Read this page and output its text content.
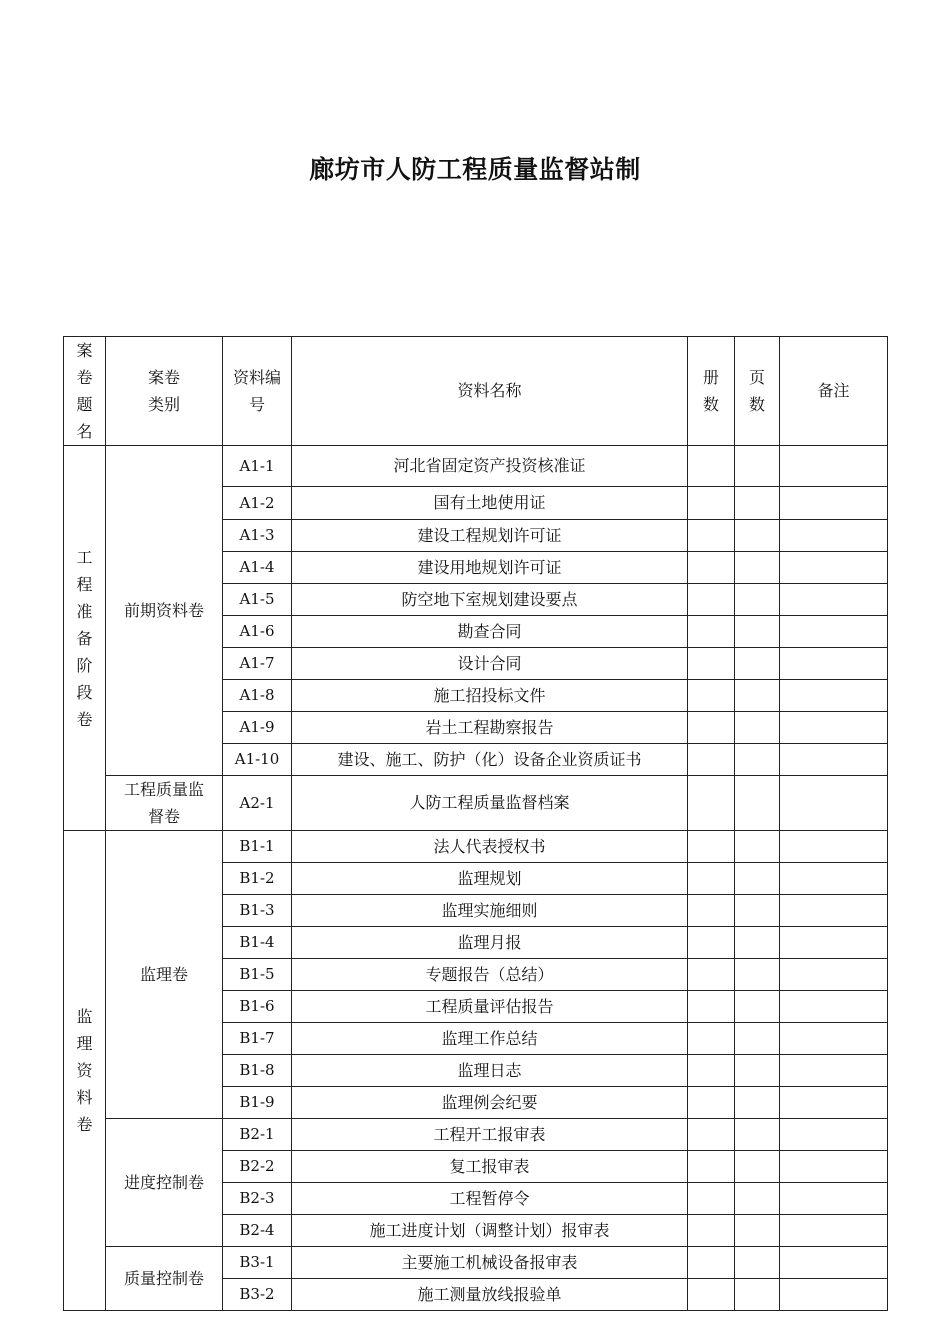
廊坊市人防工程质量监督站制
案卷题名	案卷类别	资料编号	资料名称	册数	页数	备注

工程准备阶段卷	前期资料卷	A1-1	河北省固定资产投资核准证			
		A1-2	国有土地使用证			
		A1-3	建设工程规划许可证			
		A1-4	建设用地规划许可证			
		A1-5	防空地下室规划建设要点			
		A1-6	勘查合同			
		A1-7	设计合同			
		A1-8	施工招投标文件			
		A1-9	岩土工程勘察报告			
		A1-10	建设、施工、防护（化）设备企业资质证书			

	工程质量监督卷	A2-1	人防工程质量监督档案			

监理资料卷	监理卷	B1-1	法人代表授权书			
		B1-2	监理规划			
		B1-3	监理实施细则			
		B1-4	监理月报			
		B1-5	专题报告（总结）			
		B1-6	工程质量评估报告			
		B1-7	监理工作总结			
		B1-8	监理日志			
		B1-9	监理例会纪要			

	进度控制卷	B2-1	工程开工报审表			
		B2-2	复工报审表			
		B2-3	工程暂停令			
		B2-4	施工进度计划（调整计划）报审表			

	质量控制卷	B3-1	主要施工机械设备报审表			
		B3-2	施工测量放线报验单			
